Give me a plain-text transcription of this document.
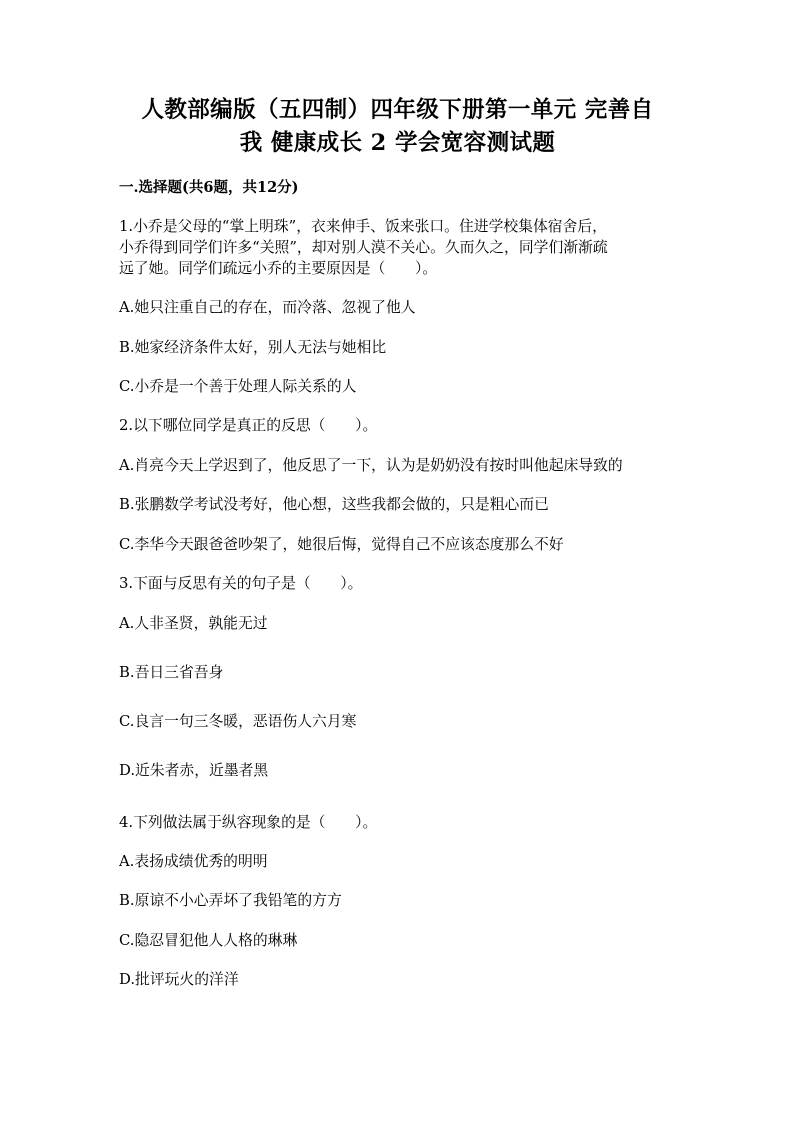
人教部编版（五四制）四年级下册第一单元 完善自
我 健康成长 2 学会宽容测试题
一.选择题(共6题，共12分)
1.小乔是父母的“掌上明珠”，衣来伸手、饭来张口。住进学校集体宿舍后，
小乔得到同学们许多“关照”，却对别人漠不关心。久而久之，同学们渐渐疏
远了她。同学们疏远小乔的主要原因是（　　）。
A.她只注重自己的存在，而冷落、忽视了他人
B.她家经济条件太好，别人无法与她相比
C.小乔是一个善于处理人际关系的人
2.以下哪位同学是真正的反思（　　）。
A.肖亮今天上学迟到了，他反思了一下，认为是奶奶没有按时叫他起床导致的
B.张鹏数学考试没考好，他心想，这些我都会做的，只是粗心而已
C.李华今天跟爸爸吵架了，她很后悔，觉得自己不应该态度那么不好
3.下面与反思有关的句子是（　　）。
A.人非圣贤，孰能无过
B.吾日三省吾身
C.良言一句三冬暖，恶语伤人六月寒
D.近朱者赤，近墨者黑
4.下列做法属于纵容现象的是（　　）。
A.表扬成绩优秀的明明
B.原谅不小心弄坏了我铅笔的方方
C.隐忍冒犯他人人格的琳琳
D.批评玩火的洋洋
